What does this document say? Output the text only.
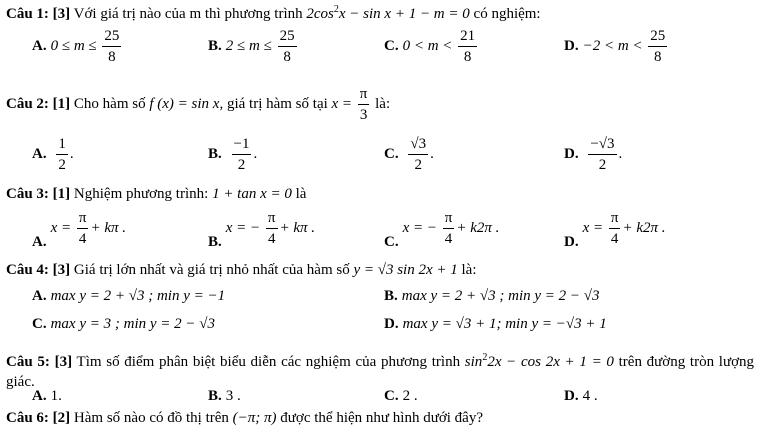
Câu 1: [3] Với giá trị nào của m thì phương trình $2\cos^2x - \sin x + 1 - m = 0$ có nghiệm:
A. $0 \le m \le \frac{25}{8}$	B. $2 \le m \le \frac{25}{8}$	C. $0 < m < \frac{21}{8}$	D. $-2 < m < \frac{25}{8}$
Câu 2: [1] Cho hàm số f (x) = sin x, giá trị hàm số tại $x = \frac{\pi}{3}$ là:
A. $\frac{1}{2}$ .	B. $\frac{-1}{2}$ .	C. $\frac{√3}{2}$ .	D. $\frac{-√3}{2}$ .
Câu 3: [1] Nghiệm phương trình: 1 + tan x = 0 là
$A.x = \frac{\pi}{4} + k\pi$ .
B.x = − $\frac{\pi}{4} + k\pi$ .
C.x = − $\frac{\pi}{4} + k2\pi$ .
$D.x = \frac{\pi}{4} + k2\pi$ .
Câu 4: [3] Giá trị lớn nhất và giá trị nhỏ nhất của hàm số y = √3 sin 2x + 1 là:
A. max y = 2 + √3 ; min y = −1	B. max y = 2 + √3 ; min y = 2 − √3
C. max y = 3 ; min y = 2 − √3	D. max y = √3 + 1; min y = −√3 + 1
Câu 5: [3] Tìm số điểm phân biệt biểu diễn các nghiệm của phương trình $\sin^22x - \cos 2x + 1 = 0$ trên đường tròn lượng giác.
A. 1.	B. 3 .	C. 2 .	D. 4 .
Câu 6: [2] Hàm số nào có đồ thị trên (−π; π) được thể hiện như hình dưới đây?
